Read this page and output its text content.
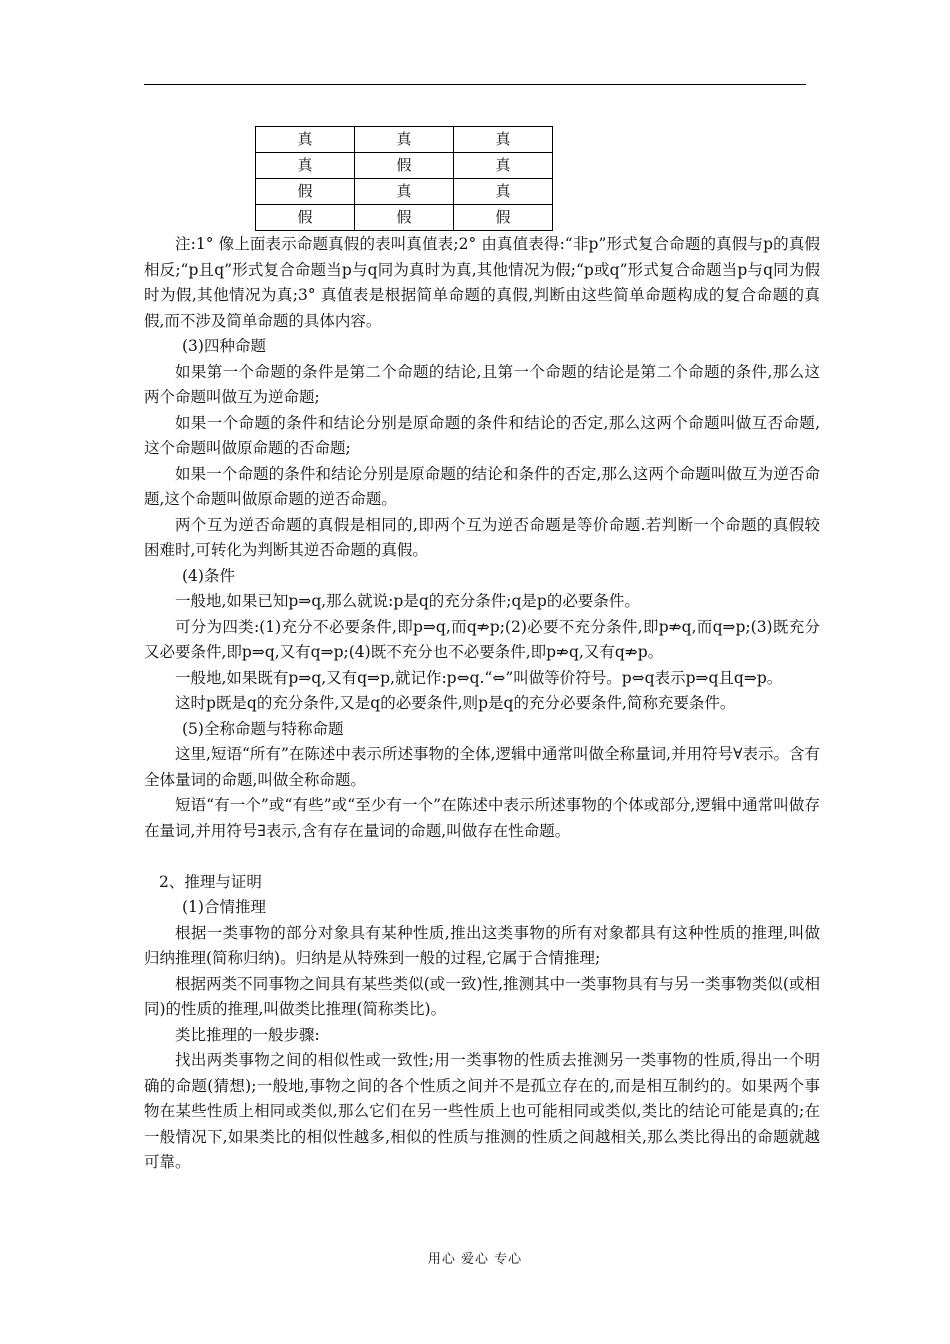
真	真	真
真	假	真
假	真	真
假	假	假

注:1° 像上面表示命题真假的表叫真值表;2° 由真值表得:“非p”形式复合命题的真假与p的真假相反;“p且q”形式复合命题当p与q同为真时为真,其他情况为假;“p或q”形式复合命题当p与q同为假时为假,其他情况为真;3° 真值表是根据简单命题的真假,判断由这些简单命题构成的复合命题的真假,而不涉及简单命题的具体内容。

(3)四种命题

如果第一个命题的条件是第二个命题的结论,且第一个命题的结论是第二个命题的条件,那么这两个命题叫做互为逆命题;

如果一个命题的条件和结论分别是原命题的条件和结论的否定,那么这两个命题叫做互否命题,这个命题叫做原命题的否命题;

如果一个命题的条件和结论分别是原命题的结论和条件的否定,那么这两个命题叫做互为逆否命题,这个命题叫做原命题的逆否命题。

两个互为逆否命题的真假是相同的,即两个互为逆否命题是等价命题.若判断一个命题的真假较困难时,可转化为判断其逆否命题的真假。

(4)条件

一般地,如果已知p⇒q,那么就说:p是q的充分条件;q是p的必要条件。

可分为四类:(1)充分不必要条件,即p⇒q,而q⇏p;(2)必要不充分条件,即p⇏q,而q⇒p;(3)既充分又必要条件,即p⇒q,又有q⇒p;(4)既不充分也不必要条件,即p⇏q,又有q⇏p。

一般地,如果既有p⇒q,又有q⇒p,就记作:p⇔q.“⇔”叫做等价符号。p⇔q表示p⇒q且q⇒p。

这时p既是q的充分条件,又是q的必要条件,则p是q的充分必要条件,简称充要条件。

(5)全称命题与特称命题

这里,短语“所有”在陈述中表示所述事物的全体,逻辑中通常叫做全称量词,并用符号∀表示。含有全体量词的命题,叫做全称命题。

短语“有一个”或“有些”或“至少有一个”在陈述中表示所述事物的个体或部分,逻辑中通常叫做存在量词,并用符号∃表示,含有存在量词的命题,叫做存在性命题。

2、推理与证明

(1)合情推理

根据一类事物的部分对象具有某种性质,推出这类事物的所有对象都具有这种性质的推理,叫做归纳推理(简称归纳)。归纳是从特殊到一般的过程,它属于合情推理;

根据两类不同事物之间具有某些类似(或一致)性,推测其中一类事物具有与另一类事物类似(或相同)的性质的推理,叫做类比推理(简称类比)。

类比推理的一般步骤:

找出两类事物之间的相似性或一致性;用一类事物的性质去推测另一类事物的性质,得出一个明确的命题(猜想);一般地,事物之间的各个性质之间并不是孤立存在的,而是相互制约的。如果两个事物在某些性质上相同或类似,那么它们在另一些性质上也可能相同或类似,类比的结论可能是真的;在一般情况下,如果类比的相似性越多,相似的性质与推测的性质之间越相关,那么类比得出的命题就越可靠。

用心 爱心 专心
